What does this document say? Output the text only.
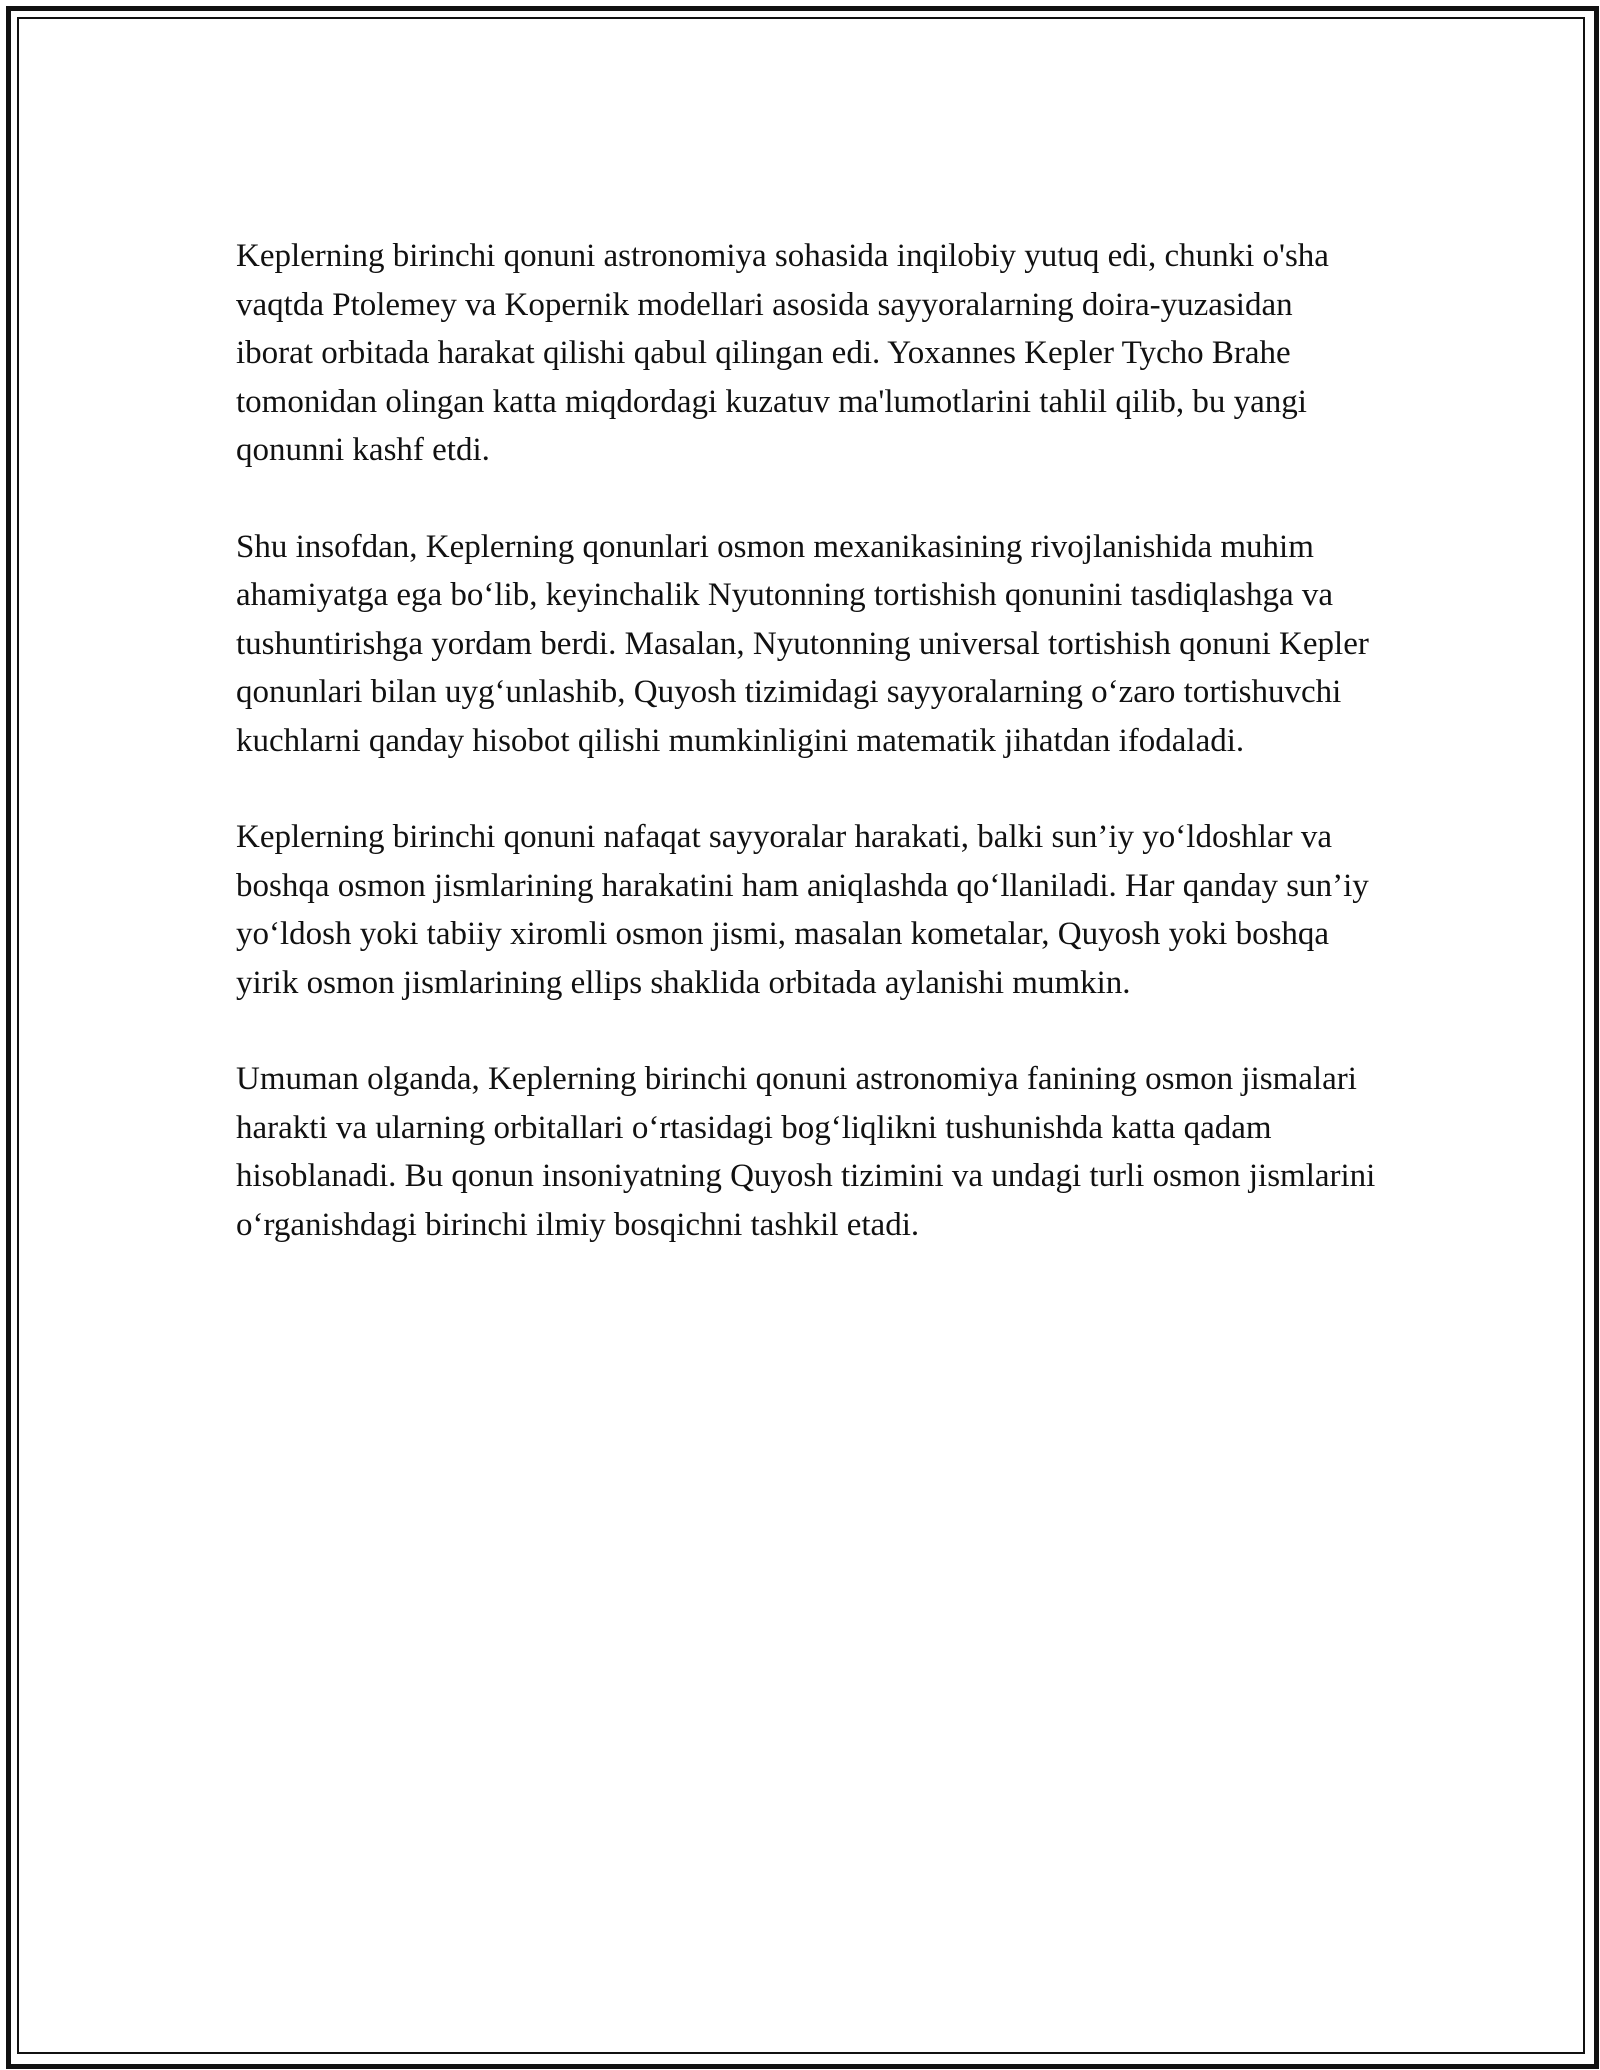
Keplerning birinchi qonuni astronomiya sohasida inqilobiy yutuq edi, chunki o'sha vaqtda Ptolemey va Kopernik modellari asosida sayyoralarning doira-yuzasidan iborat orbitada harakat qilishi qabul qilingan edi. Yoxannes Kepler Tycho Brahe tomonidan olingan katta miqdordagi kuzatuv ma'lumotlarini tahlil qilib, bu yangi qonunni kashf etdi.

Shu insofdan, Keplerning qonunlari osmon mexanikasining rivojlanishida muhim ahamiyatga ega bo‘lib, keyinchalik Nyutonning tortishish qonunini tasdiqlashga va tushuntirishga yordam berdi. Masalan, Nyutonning universal tortishish qonuni Kepler qonunlari bilan uyg‘unlashib, Quyosh tizimidagi sayyoralarning o‘zaro tortishuvchi kuchlarni qanday hisobot qilishi mumkinligini matematik jihatdan ifodaladi.

Keplerning birinchi qonuni nafaqat sayyoralar harakati, balki sun’iy yo‘ldoshlar va boshqa osmon jismlarining harakatini ham aniqlashda qo‘llaniladi. Har qanday sun’iy yo‘ldosh yoki tabiiy xiromli osmon jismi, masalan kometalar, Quyosh yoki boshqa yirik osmon jismlarining ellips shaklida orbitada aylanishi mumkin.

Umuman olganda, Keplerning birinchi qonuni astronomiya fanining osmon jismalari harakti va ularning orbitallari o‘rtasidagi bog‘liqlikni tushunishda katta qadam hisoblanadi. Bu qonun insoniyatning Quyosh tizimini va undagi turli osmon jismlarini o‘rganishdagi birinchi ilmiy bosqichni tashkil etadi.
